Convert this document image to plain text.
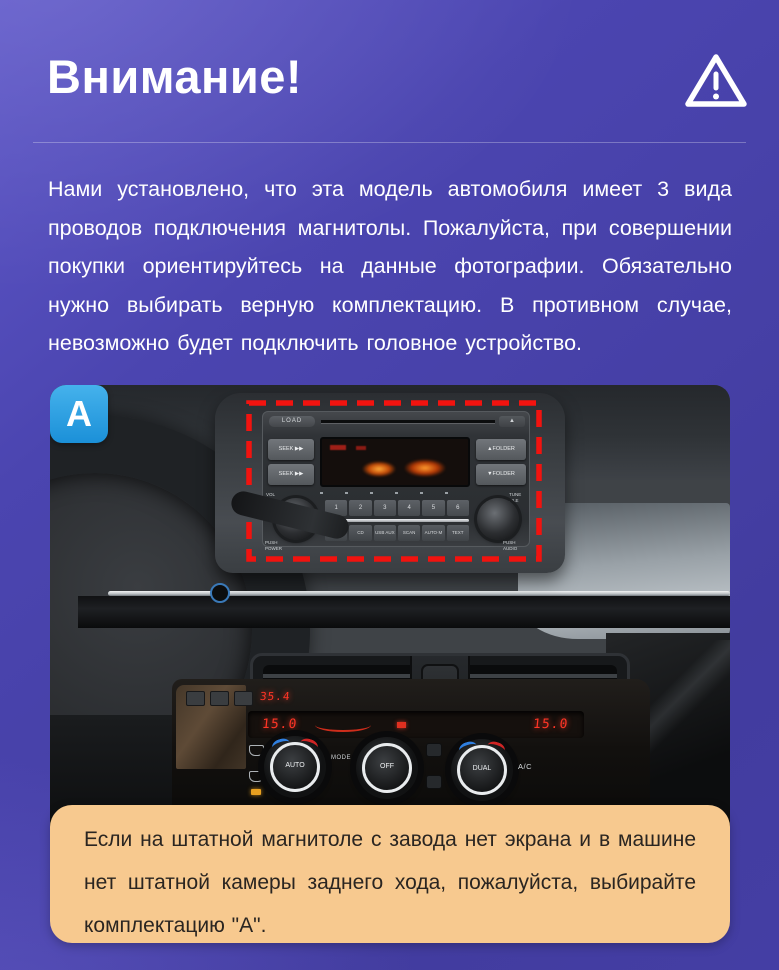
Внимание!

Нами установлено, что эта модель автомобиля имеет 3 вида проводов подключения магнитолы. Пожалуйста, при совершении покупки ориентируйтесь на данные фотографии. Обязательно нужно выбирать верную комплектацию. В противном случае, невозможно будет подключить головное устройство.

LOAD	▲
SEEK ▶▶
SEEK ▶▶
▲FOLDER
▼FOLDER
VOL
PUSH POWER
1	2	3	4	5	6
CD	USB AUX	SCAN	AUTO·M	TEXT
TUNE FILE
PUSH AUDIO
35.4
15.0	15.0
AUTO
MODE
OFF	DUAL	A/C
A

Если на штатной магнитоле с завода нет экрана и в машине нет штатной камеры заднего хода, пожалуйста, выбирайте комплектацию "А".
